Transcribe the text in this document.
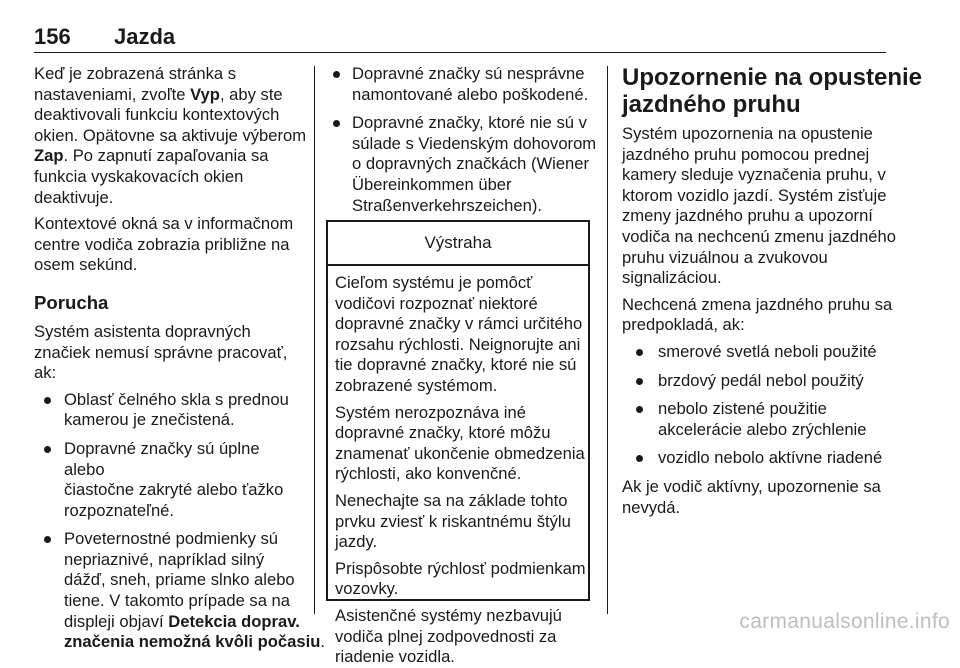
156 Jazda

Keď je zobrazená stránka s
nastaveniami, zvoľte Vyp, aby ste
deaktivovali funkciu kontextových
okien. Opätovne sa aktivuje výberom
Zap. Po zapnutí zapaľovania sa
funkcia vyskakovacích okien
deaktivuje.

Kontextové okná sa v informačnom
centre vodiča zobrazia približne na
osem sekúnd.

Porucha

Systém asistenta dopravných
značiek nemusí správne pracovať,
ak:

Oblasť čelného skla s prednou
kamerou je znečistená.
Dopravné značky sú úplne alebo
čiastočne zakryté alebo ťažko
rozpoznateľné.
Poveternostné podmienky sú
nepriaznivé, napríklad silný
dážď, sneh, priame slnko alebo
tiene. V takomto prípade sa na
displeji objaví Detekcia doprav.
značenia nemožná kvôli počasiu.
Dopravné značky sú nesprávne
namontované alebo poškodené.
Dopravné značky, ktoré nie sú v
súlade s Viedenským dohovorom
o dopravných značkách (Wiener
Übereinkommen über
Straßenverkehrszeichen).
Výstraha

Cieľom systému je pomôcť
vodičovi rozpoznať niektoré
dopravné značky v rámci určitého
rozsahu rýchlosti. Neignorujte ani
tie dopravné značky, ktoré nie sú
zobrazené systémom.

Systém nerozpoznáva iné
dopravné značky, ktoré môžu
znamenať ukončenie obmedzenia
rýchlosti, ako konvenčné.

Nenechajte sa na základe tohto
prvku zviesť k riskantnému štýlu
jazdy.

Prispôsobte rýchlosť podmienkam
vozovky.

Asistenčné systémy nezbavujú
vodiča plnej zodpovednosti za
riadenie vozidla.

Upozornenie na opustenie
jazdného pruhu

Systém upozornenia na opustenie
jazdného pruhu pomocou prednej
kamery sleduje vyznačenia pruhu, v
ktorom vozidlo jazdí. Systém zisťuje
zmeny jazdného pruhu a upozorní
vodiča na nechcenú zmenu jazdného
pruhu vizuálnou a zvukovou
signalizáciou.

Nechcená zmena jazdného pruhu sa
predpokladá, ak:

smerové svetlá neboli použité
brzdový pedál nebol použitý
nebolo zistené použitie
akcelerácie alebo zrýchlenie
vozidlo nebolo aktívne riadené

Ak je vodič aktívny, upozornenie sa
nevydá.

carmanualsonline.info
